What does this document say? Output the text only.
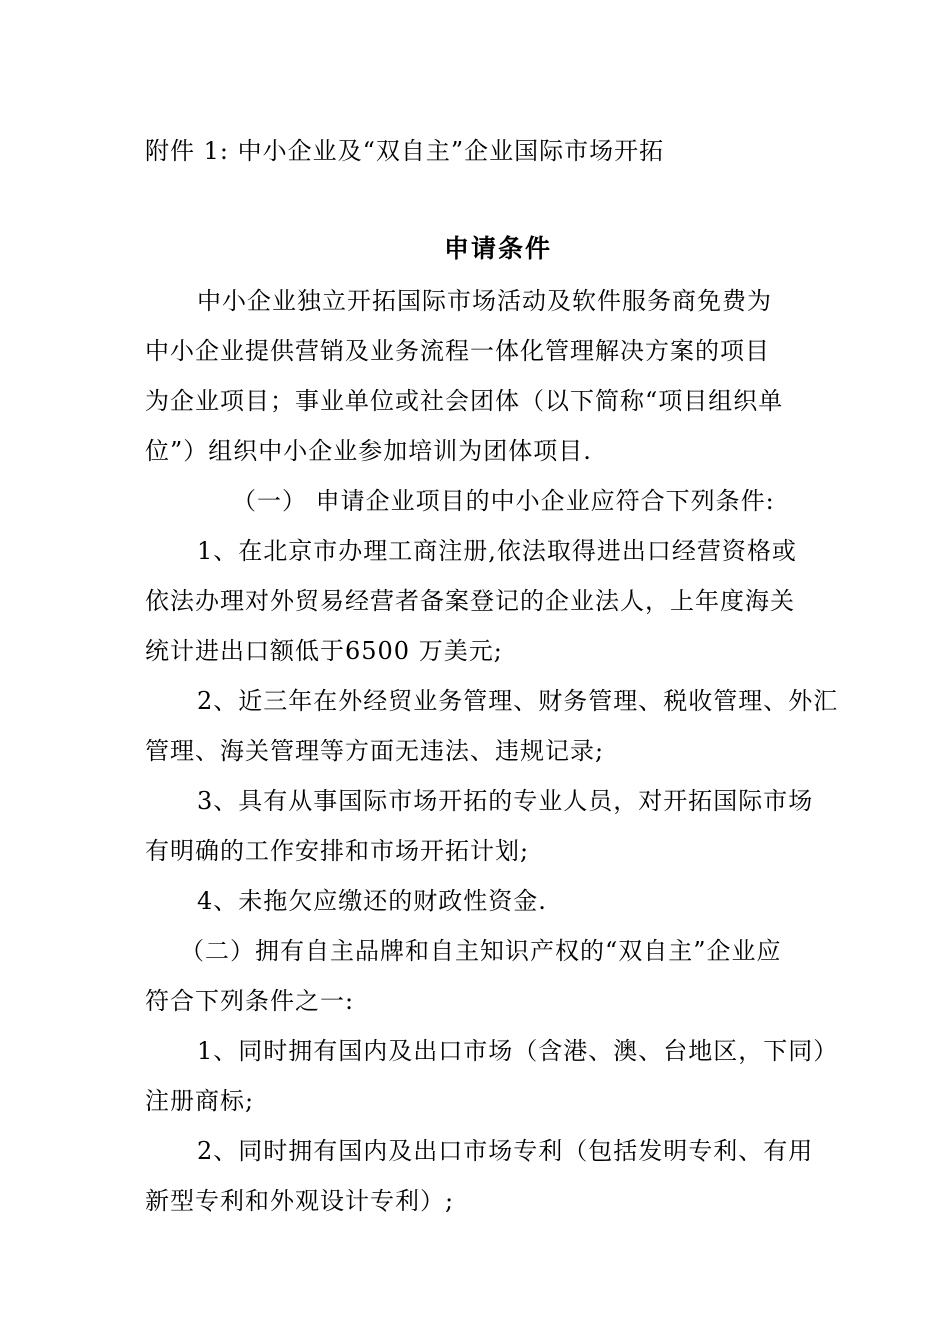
附件 1: 中小企业及“双自主”企业国际市场开拓
申请条件
中小企业独立开拓国际市场活动及软件服务商免费为
中小企业提供营销及业务流程一体化管理解决方案的项目
为企业项目；事业单位或社会团体（以下简称“项目组织单
位”）组织中小企业参加培训为团体项目.
（一） 申请企业项目的中小企业应符合下列条件:
1、在北京市办理工商注册,依法取得进出口经营资格或
依法办理对外贸易经营者备案登记的企业法人，上年度海关
统计进出口额低于6500 万美元;
2、近三年在外经贸业务管理、财务管理、税收管理、外汇
管理、海关管理等方面无违法、违规记录;
3、具有从事国际市场开拓的专业人员，对开拓国际市场
有明确的工作安排和市场开拓计划;
4、未拖欠应缴还的财政性资金.
（二）拥有自主品牌和自主知识产权的“双自主”企业应
符合下列条件之一:
1、同时拥有国内及出口市场（含港、澳、台地区，下同）
注册商标;
2、同时拥有国内及出口市场专利（包括发明专利、有用
新型专利和外观设计专利）;
